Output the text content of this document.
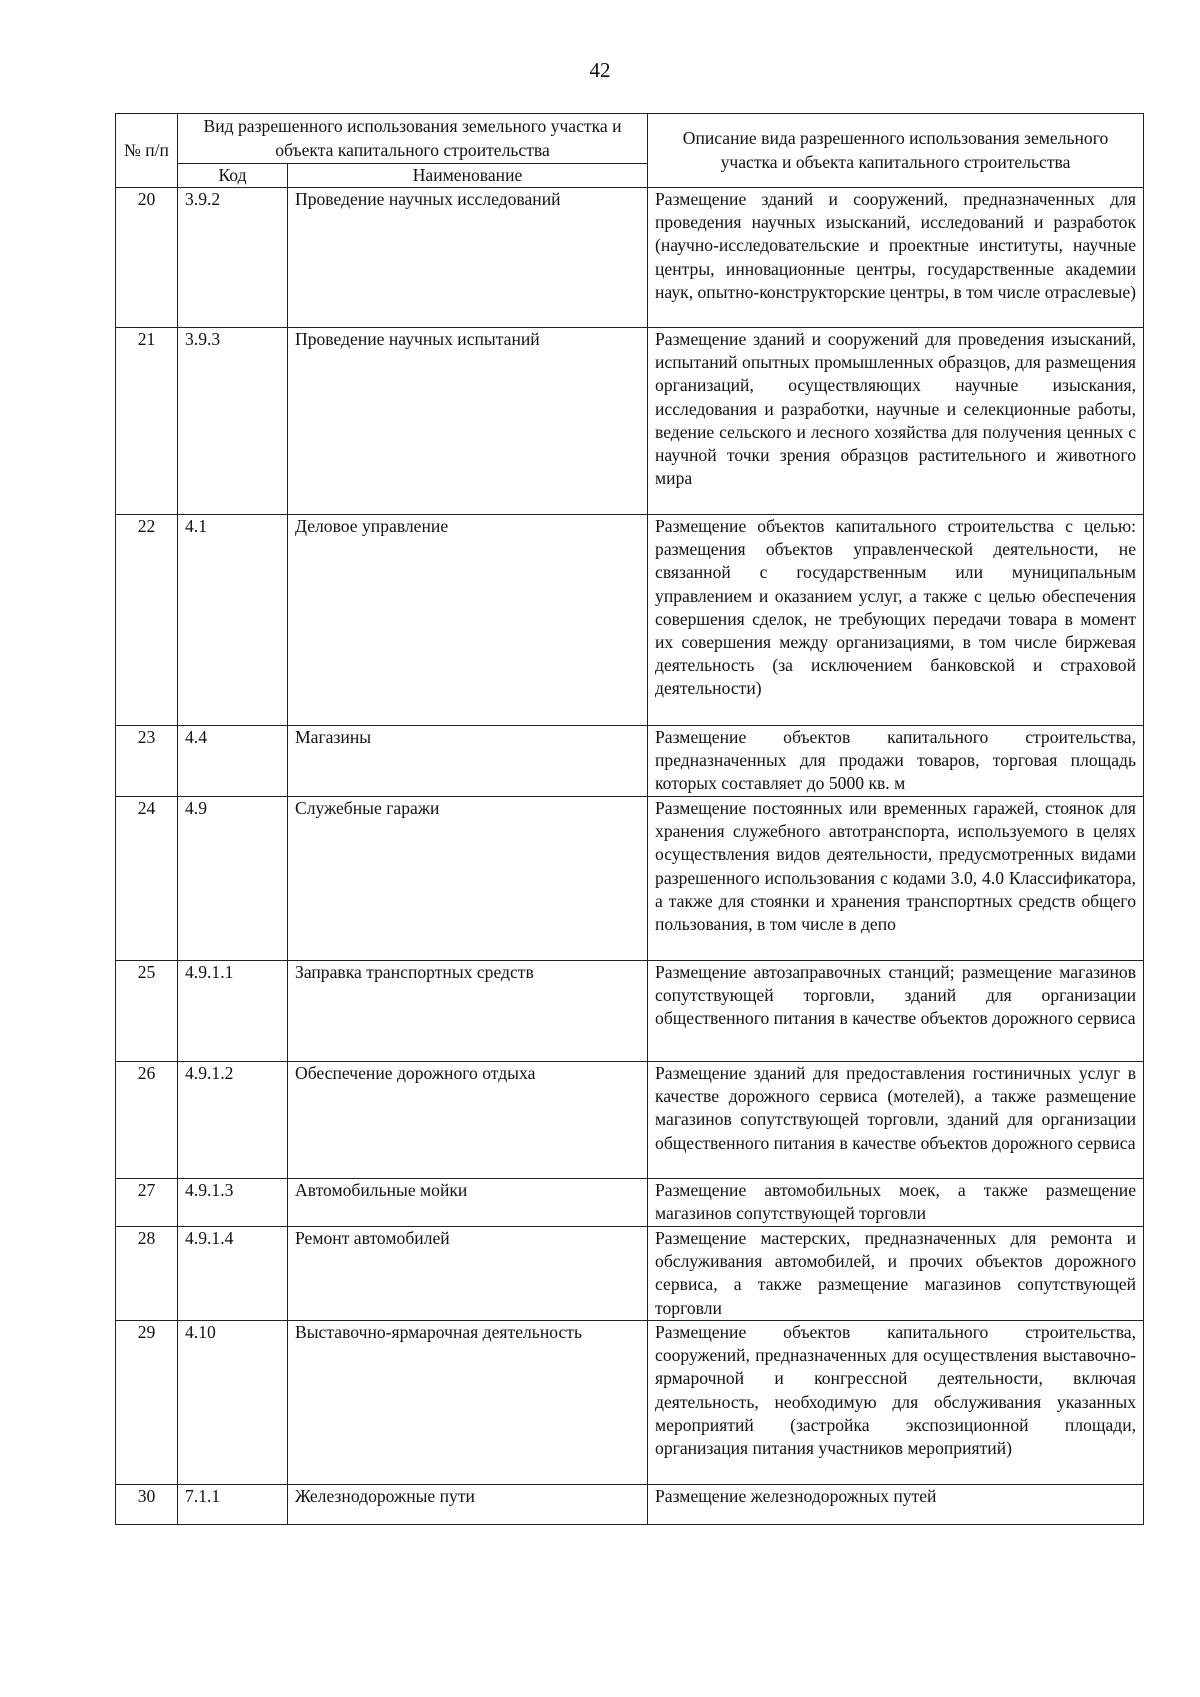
42
№ п/п	Вид разрешенного использования земельного участка и объекта капитального строительства		Описание вида разрешенного использования земельного участка и объекта капитального строительства
	Код	Наименование	
20	3.9.2	Проведение научных исследований	Размещение зданий и сооружений, предназначенных для проведения научных изысканий, исследований и разработок (научно-исследовательские и проектные институты, научные центры, инновационные центры, государственные академии наук, опытно-конструкторские центры, в том числе отраслевые)
21	3.9.3	Проведение научных испытаний	Размещение зданий и сооружений для проведения изысканий, испытаний опытных промышленных образцов, для размещения организаций, осуществляющих научные изыскания, исследования и разработки, научные и селекционные работы, ведение сельского и лесного хозяйства для получения ценных с научной точки зрения образцов растительного и животного мира
22	4.1	Деловое управление	Размещение объектов капитального строительства с целью: размещения объектов управленческой деятельности, не связанной с государственным или муниципальным управлением и оказанием услуг, а также с целью обеспечения совершения сделок, не требующих передачи товара в момент их совершения между организациями, в том числе биржевая деятельность (за исключением банковской и страховой деятельности)
23	4.4	Магазины	Размещение объектов капитального строительства, предназначенных для продажи товаров, торговая площадь которых составляет до 5000 кв. м
24	4.9	Служебные гаражи	Размещение постоянных или временных гаражей, стоянок для хранения служебного автотранспорта, используемого в целях осуществления видов деятельности, предусмотренных видами разрешенного использования с кодами 3.0, 4.0 Классификатора, а также для стоянки и хранения транспортных средств общего пользования, в том числе в депо
25	4.9.1.1	Заправка транспортных средств	Размещение автозаправочных станций; размещение магазинов сопутствующей торговли, зданий для организации общественного питания в качестве объектов дорожного сервиса
26	4.9.1.2	Обеспечение дорожного отдыха	Размещение зданий для предоставления гостиничных услуг в качестве дорожного сервиса (мотелей), а также размещение магазинов сопутствующей торговли, зданий для организации общественного питания в качестве объектов дорожного сервиса
27	4.9.1.3	Автомобильные мойки	Размещение автомобильных моек, а также размещение магазинов сопутствующей торговли
28	4.9.1.4	Ремонт автомобилей	Размещение мастерских, предназначенных для ремонта и обслуживания автомобилей, и прочих объектов дорожного сервиса, а также размещение магазинов сопутствующей торговли
29	4.10	Выставочно-ярмарочная деятельность	Размещение объектов капитального строительства, сооружений, предназначенных для осуществления выставочно-ярмарочной и конгрессной деятельности, включая деятельность, необходимую для обслуживания указанных мероприятий (застройка экспозиционной площади, организация питания участников мероприятий)
30	7.1.1	Железнодорожные пути	Размещение железнодорожных путей
